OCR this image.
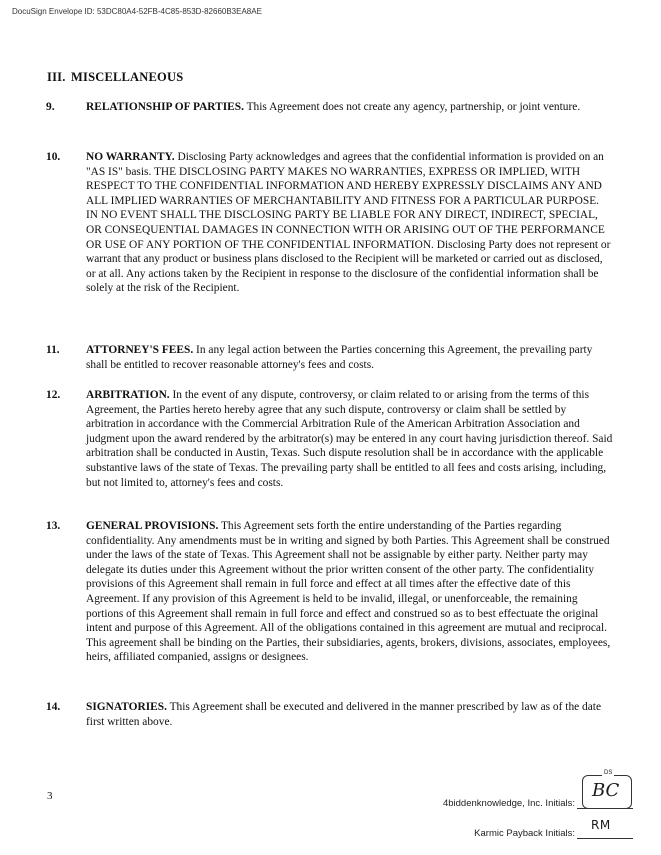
DocuSign Envelope ID: 53DC80A4-52FB-4C85-853D-82660B3EA8AE
III. MISCELLANEOUS
9.	RELATIONSHIP OF PARTIES. This Agreement does not create any agency, partnership, or joint venture.
10. NO WARRANTY. Disclosing Party acknowledges and agrees that the confidential information is provided on an "AS IS" basis. THE DISCLOSING PARTY MAKES NO WARRANTIES, EXPRESS OR IMPLIED, WITH RESPECT TO THE CONFIDENTIAL INFORMATION AND HEREBY EXPRESSLY DISCLAIMS ANY AND ALL IMPLIED WARRANTIES OF MERCHANTABILITY AND FITNESS FOR A PARTICULAR PURPOSE. IN NO EVENT SHALL THE DISCLOSING PARTY BE LIABLE FOR ANY DIRECT, INDIRECT, SPECIAL, OR CONSEQUENTIAL DAMAGES IN CONNECTION WITH OR ARISING OUT OF THE PERFORMANCE OR USE OF ANY PORTION OF THE CONFIDENTIAL INFORMATION. Disclosing Party does not represent or warrant that any product or business plans disclosed to the Recipient will be marketed or carried out as disclosed, or at all. Any actions taken by the Recipient in response to the disclosure of the confidential information shall be solely at the risk of the Recipient.
11. ATTORNEY'S FEES. In any legal action between the Parties concerning this Agreement, the prevailing party shall be entitled to recover reasonable attorney's fees and costs.
12. ARBITRATION. In the event of any dispute, controversy, or claim related to or arising from the terms of this Agreement, the Parties hereto hereby agree that any such dispute, controversy or claim shall be settled by arbitration in accordance with the Commercial Arbitration Rule of the American Arbitration Association and judgment upon the award rendered by the arbitrator(s) may be entered in any court having jurisdiction thereof. Said arbitration shall be conducted in Austin, Texas. Such dispute resolution shall be in accordance with the applicable substantive laws of the state of Texas. The prevailing party shall be entitled to all fees and costs arising, including, but not limited to, attorney's fees and costs.
13. GENERAL PROVISIONS. This Agreement sets forth the entire understanding of the Parties regarding confidentiality. Any amendments must be in writing and signed by both Parties. This Agreement shall be construed under the laws of the state of Texas. This Agreement shall not be assignable by either party. Neither party may delegate its duties under this Agreement without the prior written consent of the other party. The confidentiality provisions of this Agreement shall remain in full force and effect at all times after the effective date of this Agreement. If any provision of this Agreement is held to be invalid, illegal, or unenforceable, the remaining portions of this Agreement shall remain in full force and effect and construed so as to best effectuate the original intent and purpose of this Agreement. All of the obligations contained in this agreement are mutual and reciprocal. This agreement shall be binding on the Parties, their subsidiaries, agents, brokers, divisions, associates, employees, heirs, affiliated companied, assigns or designees.
14. SIGNATORIES. This Agreement shall be executed and delivered in the manner prescribed by law as of the date first written above.
3
DS
4biddenknowledge, Inc. Initials:
BC
Karmic Payback Initials:
RM
